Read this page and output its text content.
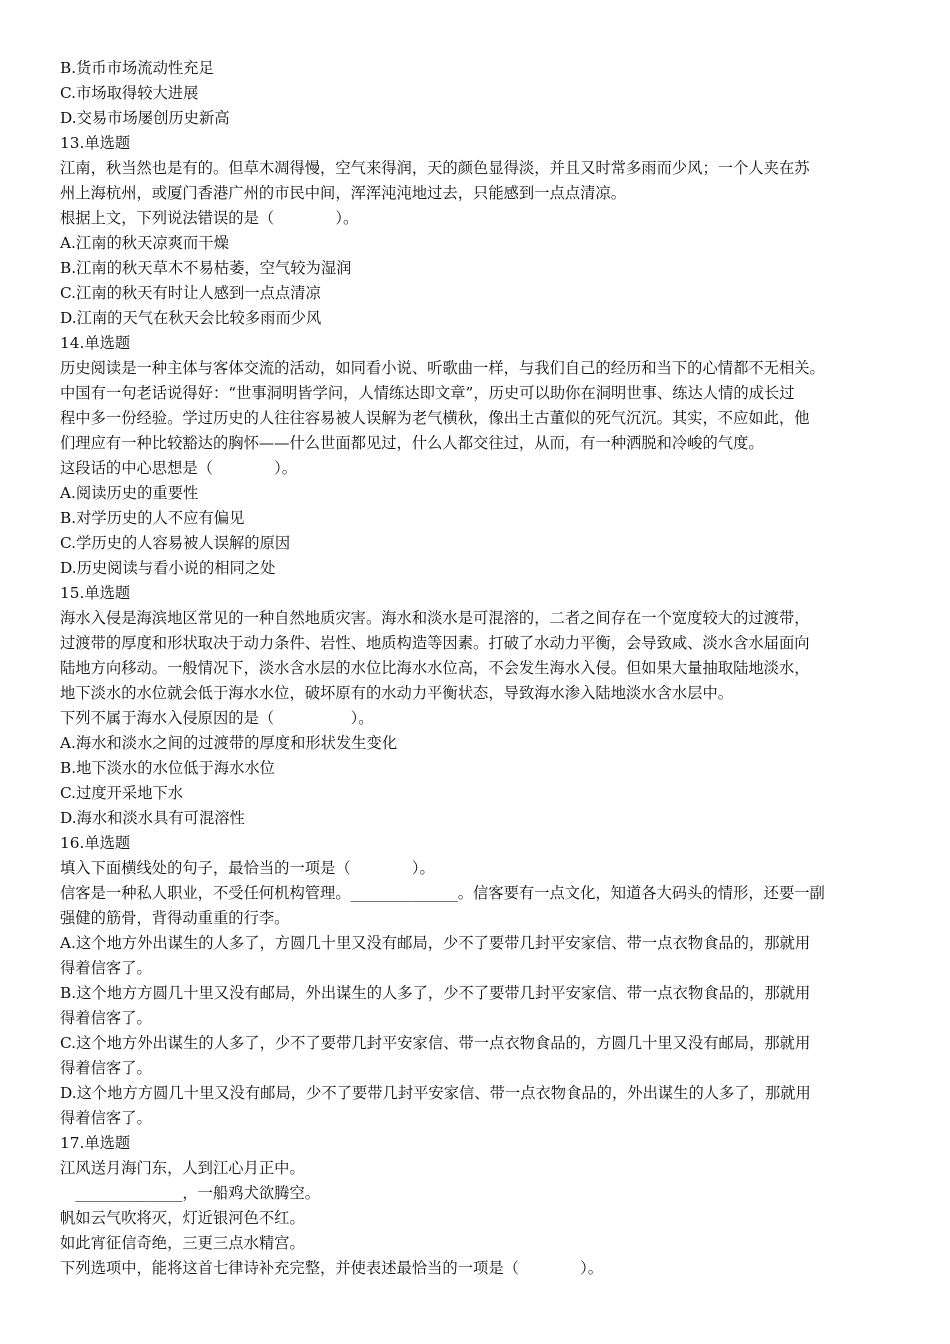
B.货币市场流动性充足
C.市场取得较大进展
D.交易市场屡创历史新高
13.单选题
江南，秋当然也是有的。但草木凋得慢，空气来得润，天的颜色显得淡，并且又时常多雨而少风；一个人夹在苏
州上海杭州，或厦门香港广州的市民中间，浑浑沌沌地过去，只能感到一点点清凉。
根据上文，下列说法错误的是（　　　　）。
A.江南的秋天凉爽而干燥
B.江南的秋天草木不易枯萎，空气较为湿润
C.江南的秋天有时让人感到一点点清凉
D.江南的天气在秋天会比较多雨而少风
14.单选题
历史阅读是一种主体与客体交流的活动，如同看小说、听歌曲一样，与我们自己的经历和当下的心情都不无相关。
中国有一句老话说得好：“世事洞明皆学问，人情练达即文章”，历史可以助你在洞明世事、练达人情的成长过
程中多一份经验。学过历史的人往往容易被人误解为老气横秋，像出土古董似的死气沉沉。其实，不应如此，他
们理应有一种比较豁达的胸怀——什么世面都见过，什么人都交往过，从而，有一种洒脱和冷峻的气度。
这段话的中心思想是（　　　　）。
A.阅读历史的重要性
B.对学历史的人不应有偏见
C.学历史的人容易被人误解的原因
D.历史阅读与看小说的相同之处
15.单选题
海水入侵是海滨地区常见的一种自然地质灾害。海水和淡水是可混溶的，二者之间存在一个宽度较大的过渡带，
过渡带的厚度和形状取决于动力条件、岩性、地质构造等因素。打破了水动力平衡，会导致咸、淡水含水届面向
陆地方向移动。一般情况下，淡水含水层的水位比海水水位高，不会发生海水入侵。但如果大量抽取陆地淡水，
地下淡水的水位就会低于海水水位，破坏原有的水动力平衡状态，导致海水渗入陆地淡水含水层中。
下列不属于海水入侵原因的是（　　　　　）。
A.海水和淡水之间的过渡带的厚度和形状发生变化
B.地下淡水的水位低于海水水位
C.过度开采地下水
D.海水和淡水具有可混溶性
16.单选题
填入下面横线处的句子，最恰当的一项是（　　　　）。
信客是一种私人职业，不受任何机构管理。______________。信客要有一点文化，知道各大码头的情形，还要一副
强健的筋骨，背得动重重的行李。
A.这个地方外出谋生的人多了，方圆几十里又没有邮局，少不了要带几封平安家信、带一点衣物食品的，那就用
得着信客了。
B.这个地方方圆几十里又没有邮局，外出谋生的人多了，少不了要带几封平安家信、带一点衣物食品的，那就用
得着信客了。
C.这个地方外出谋生的人多了，少不了要带几封平安家信、带一点衣物食品的，方圆几十里又没有邮局，那就用
得着信客了。
D.这个地方方圆几十里又没有邮局，少不了要带几封平安家信、带一点衣物食品的，外出谋生的人多了，那就用
得着信客了。
17.单选题
江风送月海门东，人到江心月正中。
　______________，一船鸡犬欲腾空。
帆如云气吹将灭，灯近银河色不红。
如此宵征信奇绝，三更三点水精宫。
下列选项中，能将这首七律诗补充完整，并使表述最恰当的一项是（　　　　）。
